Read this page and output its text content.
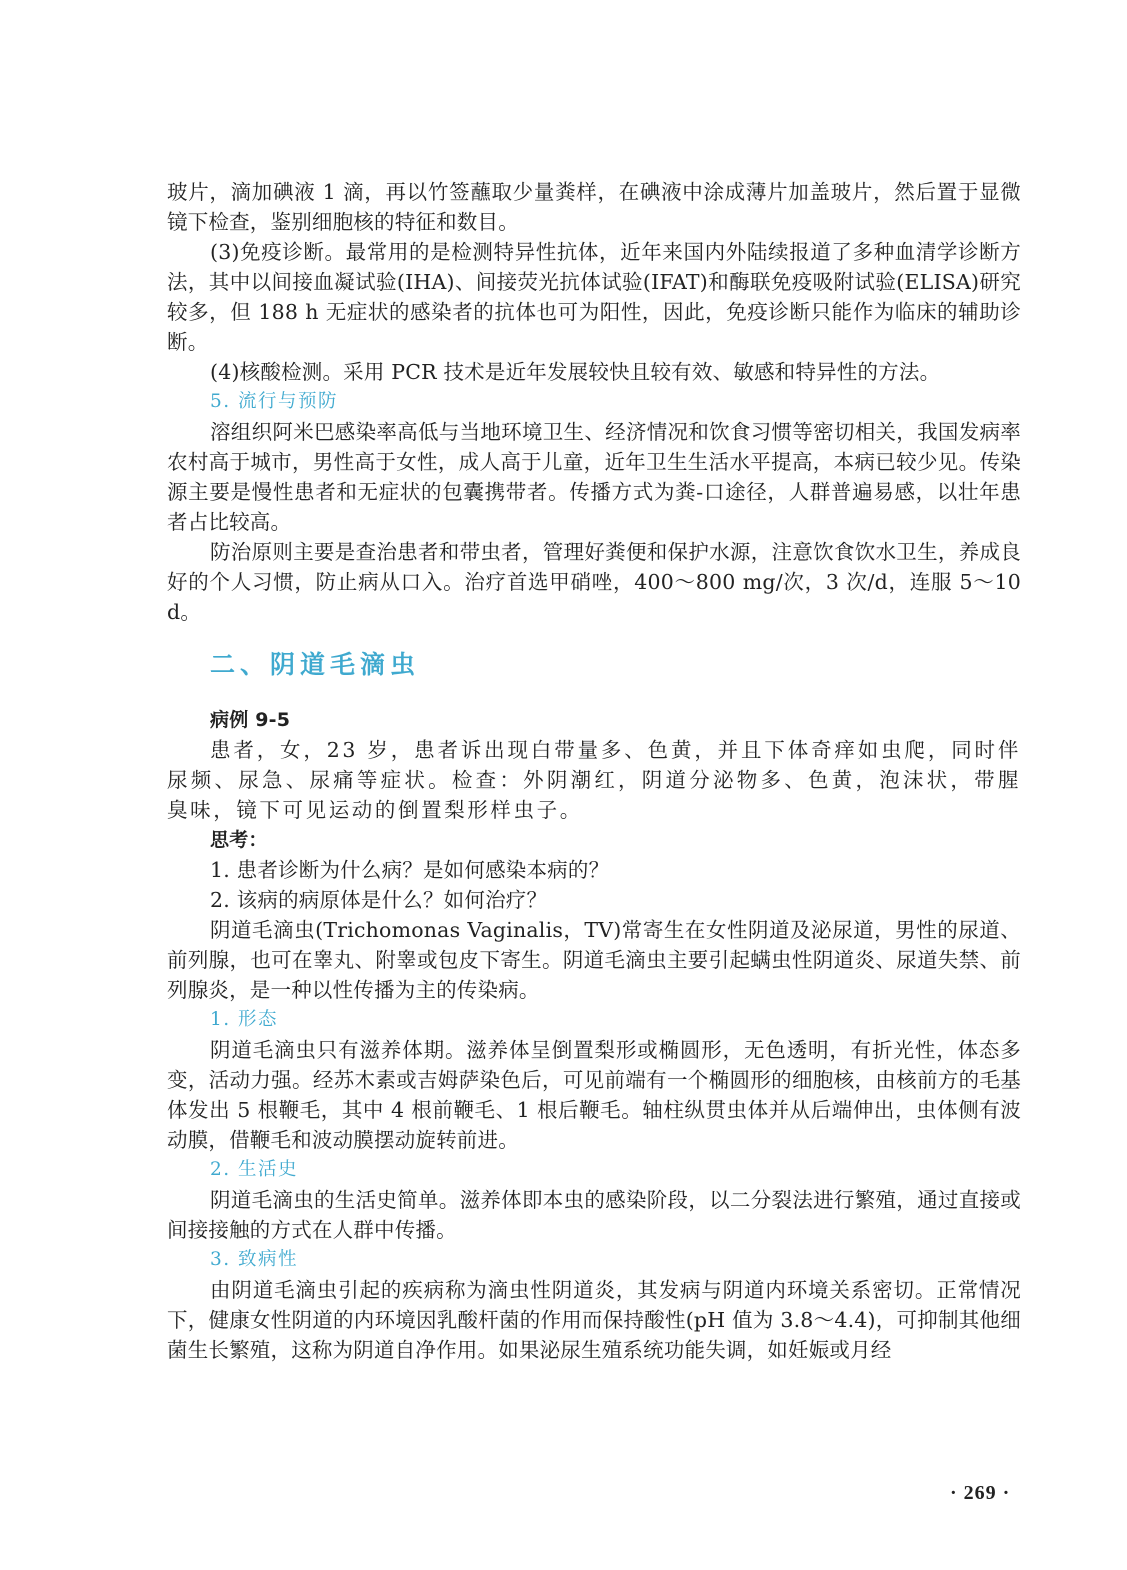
玻片，滴加碘液 1 滴，再以竹签蘸取少量粪样，在碘液中涂成薄片加盖玻片，然后置于显微镜下检查，鉴别细胞核的特征和数目。

(3)免疫诊断。最常用的是检测特异性抗体，近年来国内外陆续报道了多种血清学诊断方法，其中以间接血凝试验(IHA)、间接荧光抗体试验(IFAT)和酶联免疫吸附试验(ELISA)研究较多，但 188 h 无症状的感染者的抗体也可为阳性，因此，免疫诊断只能作为临床的辅助诊断。

(4)核酸检测。采用 PCR 技术是近年发展较快且较有效、敏感和特异性的方法。

5. 流行与预防

溶组织阿米巴感染率高低与当地环境卫生、经济情况和饮食习惯等密切相关，我国发病率农村高于城市，男性高于女性，成人高于儿童，近年卫生生活水平提高，本病已较少见。传染源主要是慢性患者和无症状的包囊携带者。传播方式为粪-口途径，人群普遍易感，以壮年患者占比较高。

防治原则主要是查治患者和带虫者，管理好粪便和保护水源，注意饮食饮水卫生，养成良好的个人习惯，防止病从口入。治疗首选甲硝唑，400～800 mg/次，3 次/d，连服 5～10 d。

二、阴道毛滴虫

病例 9-5

患者，女，23 岁，患者诉出现白带量多、色黄，并且下体奇痒如虫爬，同时伴尿频、尿急、尿痛等症状。检查：外阴潮红，阴道分泌物多、色黄，泡沫状，带腥臭味，镜下可见运动的倒置梨形样虫子。

思考：

1. 患者诊断为什么病？是如何感染本病的？

2. 该病的病原体是什么？如何治疗？

阴道毛滴虫(Trichomonas Vaginalis，TV)常寄生在女性阴道及泌尿道，男性的尿道、前列腺，也可在睾丸、附睾或包皮下寄生。阴道毛滴虫主要引起螨虫性阴道炎、尿道失禁、前列腺炎，是一种以性传播为主的传染病。

1. 形态

阴道毛滴虫只有滋养体期。滋养体呈倒置梨形或椭圆形，无色透明，有折光性，体态多变，活动力强。经苏木素或吉姆萨染色后，可见前端有一个椭圆形的细胞核，由核前方的毛基体发出 5 根鞭毛，其中 4 根前鞭毛、1 根后鞭毛。轴柱纵贯虫体并从后端伸出，虫体侧有波动膜，借鞭毛和波动膜摆动旋转前进。

2. 生活史

阴道毛滴虫的生活史简单。滋养体即本虫的感染阶段，以二分裂法进行繁殖，通过直接或间接接触的方式在人群中传播。

3. 致病性

由阴道毛滴虫引起的疾病称为滴虫性阴道炎，其发病与阴道内环境关系密切。正常情况下，健康女性阴道的内环境因乳酸杆菌的作用而保持酸性(pH 值为 3.8～4.4)，可抑制其他细菌生长繁殖，这称为阴道自净作用。如果泌尿生殖系统功能失调，如妊娠或月经

· 269 ·
